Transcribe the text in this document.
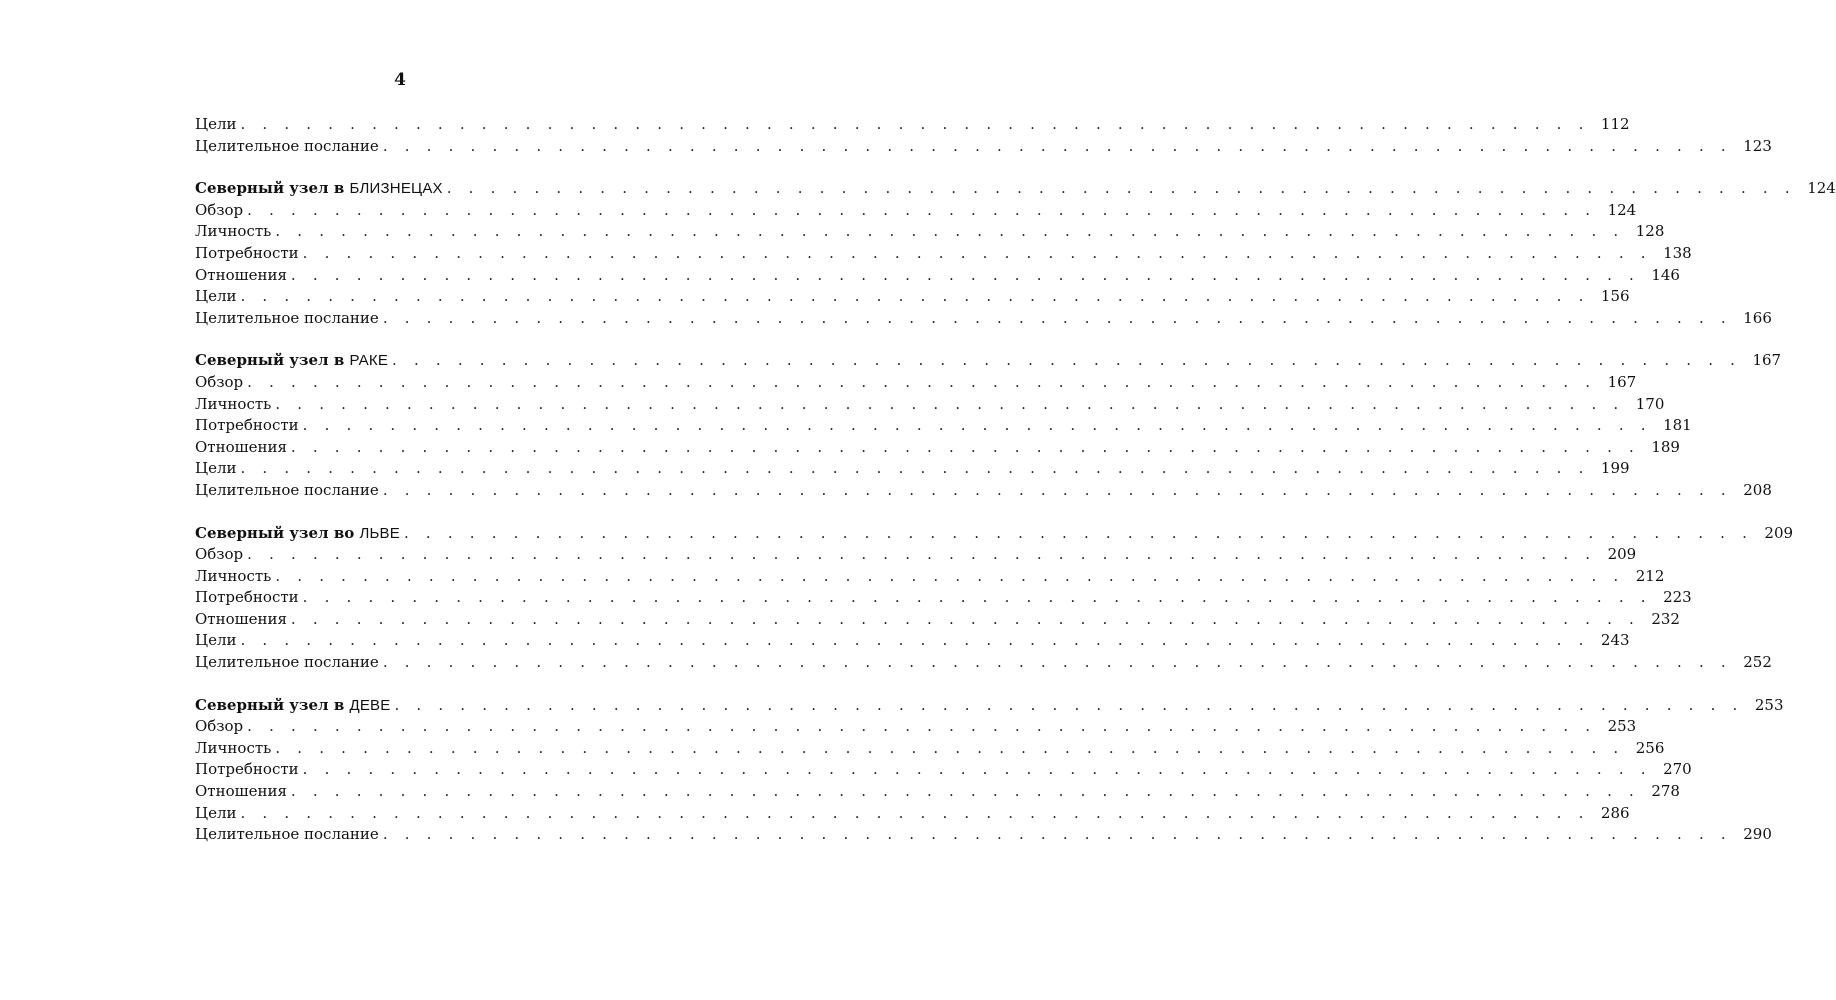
4
Цели . . . . . . . . . . . . . . . . . . . . . . . . . . . . . . . . . . . . . . . . . . . . . . . . . . . . . . . . . . . . . . 112
Целительное послание . . . . . . . . . . . . . . . . . . . . . . . . . . . . . . . . . . . . . . . . . . . . . . . . . . . . . . . . . . . . . . 123
Северный узел в БЛИЗНЕЦАХ . . . . . . . . . . . . . . . . . . . . . . . . . . . . . . . . . . . . . . . . . . . . . . . . . . . . . . . . . . . . . . 124
Обзор . . . . . . . . . . . . . . . . . . . . . . . . . . . . . . . . . . . . . . . . . . . . . . . . . . . . . . . . . . . . . . 124
Личность . . . . . . . . . . . . . . . . . . . . . . . . . . . . . . . . . . . . . . . . . . . . . . . . . . . . . . . . . . . . . . 128
Потребности . . . . . . . . . . . . . . . . . . . . . . . . . . . . . . . . . . . . . . . . . . . . . . . . . . . . . . . . . . . . . . 138
Отношения . . . . . . . . . . . . . . . . . . . . . . . . . . . . . . . . . . . . . . . . . . . . . . . . . . . . . . . . . . . . . . 146
Цели . . . . . . . . . . . . . . . . . . . . . . . . . . . . . . . . . . . . . . . . . . . . . . . . . . . . . . . . . . . . . . 156
Целительное послание . . . . . . . . . . . . . . . . . . . . . . . . . . . . . . . . . . . . . . . . . . . . . . . . . . . . . . . . . . . . . . 166
Северный узел в РАКЕ . . . . . . . . . . . . . . . . . . . . . . . . . . . . . . . . . . . . . . . . . . . . . . . . . . . . . . . . . . . . . . 167
Обзор . . . . . . . . . . . . . . . . . . . . . . . . . . . . . . . . . . . . . . . . . . . . . . . . . . . . . . . . . . . . . . 167
Личность . . . . . . . . . . . . . . . . . . . . . . . . . . . . . . . . . . . . . . . . . . . . . . . . . . . . . . . . . . . . . . 170
Потребности . . . . . . . . . . . . . . . . . . . . . . . . . . . . . . . . . . . . . . . . . . . . . . . . . . . . . . . . . . . . . . 181
Отношения . . . . . . . . . . . . . . . . . . . . . . . . . . . . . . . . . . . . . . . . . . . . . . . . . . . . . . . . . . . . . . 189
Цели . . . . . . . . . . . . . . . . . . . . . . . . . . . . . . . . . . . . . . . . . . . . . . . . . . . . . . . . . . . . . . 199
Целительное послание . . . . . . . . . . . . . . . . . . . . . . . . . . . . . . . . . . . . . . . . . . . . . . . . . . . . . . . . . . . . . . 208
Северный узел во ЛЬВЕ . . . . . . . . . . . . . . . . . . . . . . . . . . . . . . . . . . . . . . . . . . . . . . . . . . . . . . . . . . . . . . 209
Обзор . . . . . . . . . . . . . . . . . . . . . . . . . . . . . . . . . . . . . . . . . . . . . . . . . . . . . . . . . . . . . . 209
Личность . . . . . . . . . . . . . . . . . . . . . . . . . . . . . . . . . . . . . . . . . . . . . . . . . . . . . . . . . . . . . . 212
Потребности . . . . . . . . . . . . . . . . . . . . . . . . . . . . . . . . . . . . . . . . . . . . . . . . . . . . . . . . . . . . . . 223
Отношения . . . . . . . . . . . . . . . . . . . . . . . . . . . . . . . . . . . . . . . . . . . . . . . . . . . . . . . . . . . . . . 232
Цели . . . . . . . . . . . . . . . . . . . . . . . . . . . . . . . . . . . . . . . . . . . . . . . . . . . . . . . . . . . . . . 243
Целительное послание . . . . . . . . . . . . . . . . . . . . . . . . . . . . . . . . . . . . . . . . . . . . . . . . . . . . . . . . . . . . . . 252
Северный узел в ДЕВЕ . . . . . . . . . . . . . . . . . . . . . . . . . . . . . . . . . . . . . . . . . . . . . . . . . . . . . . . . . . . . . . 253
Обзор . . . . . . . . . . . . . . . . . . . . . . . . . . . . . . . . . . . . . . . . . . . . . . . . . . . . . . . . . . . . . . 253
Личность . . . . . . . . . . . . . . . . . . . . . . . . . . . . . . . . . . . . . . . . . . . . . . . . . . . . . . . . . . . . . . 256
Потребности . . . . . . . . . . . . . . . . . . . . . . . . . . . . . . . . . . . . . . . . . . . . . . . . . . . . . . . . . . . . . . 270
Отношения . . . . . . . . . . . . . . . . . . . . . . . . . . . . . . . . . . . . . . . . . . . . . . . . . . . . . . . . . . . . . . 278
Цели . . . . . . . . . . . . . . . . . . . . . . . . . . . . . . . . . . . . . . . . . . . . . . . . . . . . . . . . . . . . . . 286
Целительное послание . . . . . . . . . . . . . . . . . . . . . . . . . . . . . . . . . . . . . . . . . . . . . . . . . . . . . . . . . . . . . . 290
